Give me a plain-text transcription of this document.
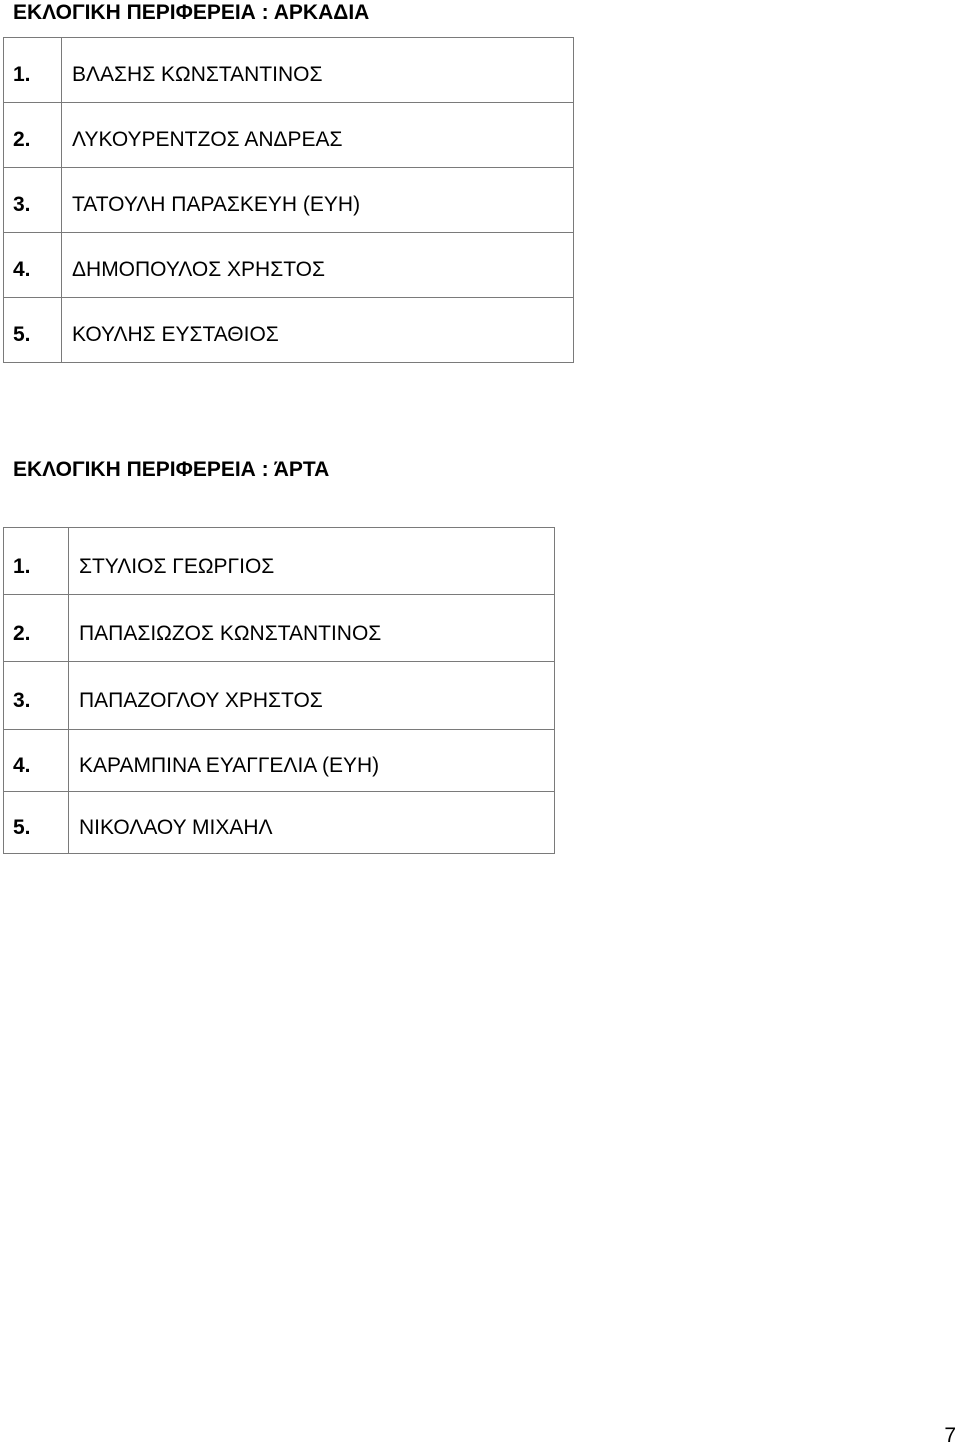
ΕΚΛΟΓΙΚΗ ΠΕΡΙΦΕΡΕΙΑ : ΑΡΚΑΔΙΑ
1.	ΒΛΑΣΗΣ ΚΩΝΣΤΑΝΤΙΝΟΣ
2.	ΛΥΚΟΥΡΕΝΤΖΟΣ ΑΝΔΡΕΑΣ
3.	ΤΑΤΟΥΛΗ ΠΑΡΑΣΚΕΥΗ (ΕΥΗ)
4.	ΔΗΜΟΠΟΥΛΟΣ ΧΡΗΣΤΟΣ
5.	ΚΟΥΛΗΣ ΕΥΣΤΑΘΙΟΣ
ΕΚΛΟΓΙΚΗ ΠΕΡΙΦΕΡΕΙΑ : ΆΡΤΑ
1.	ΣΤΥΛΙΟΣ ΓΕΩΡΓΙΟΣ
2.	ΠΑΠΑΣΙΩΖΟΣ ΚΩΝΣΤΑΝΤΙΝΟΣ
3.	ΠΑΠΑΖΟΓΛΟΥ ΧΡΗΣΤΟΣ
4.	ΚΑΡΑΜΠΙΝΑ ΕΥΑΓΓΕΛΙΑ (ΕΥΗ)
5.	ΝΙΚΟΛΑΟΥ ΜΙΧΑΗΛ
7
